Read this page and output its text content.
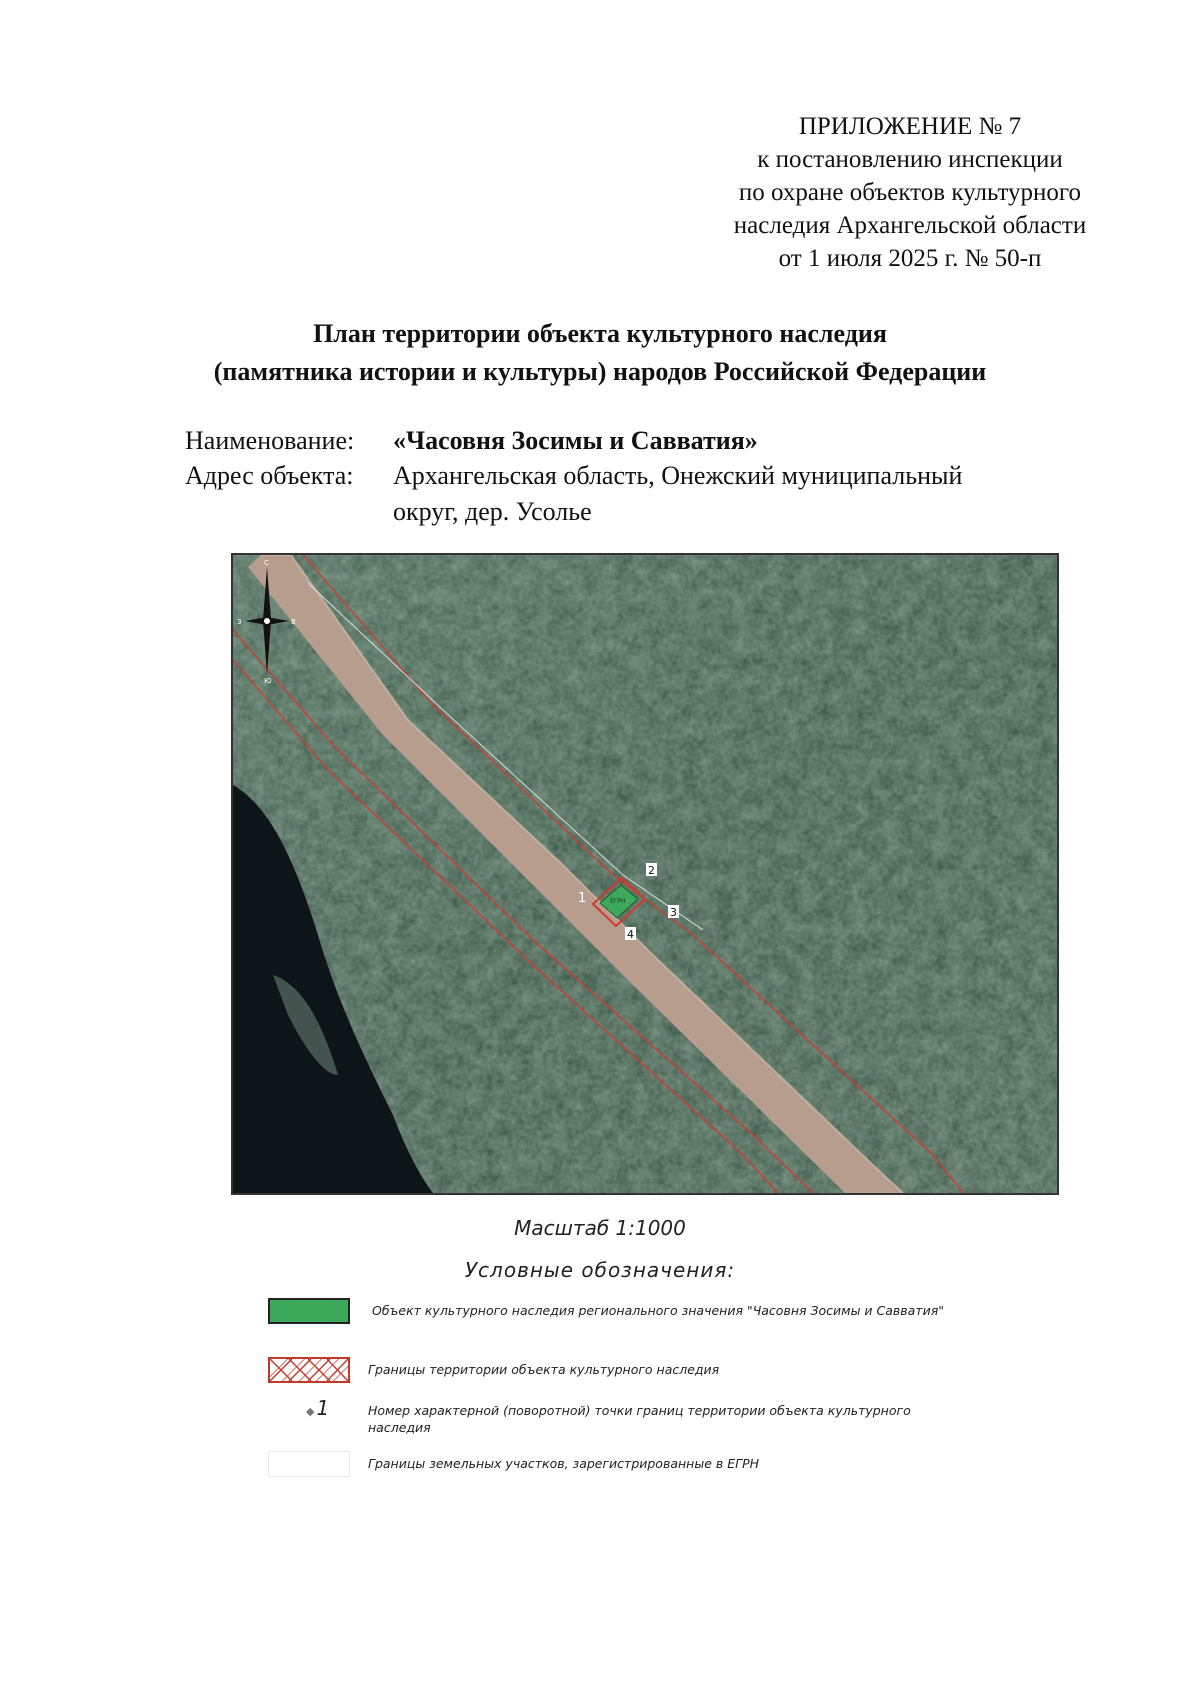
ПРИЛОЖЕНИЕ № 7
к постановлению инспекции
по охране объектов культурного
наследия Архангельской области
от 1 июля 2025 г. № 50-п
План территории объекта культурного наследия
(памятника истории и культуры) народов Российской Федерации
Наименование: «Часовня Зосимы и Савватия»
Адрес объекта: Архангельская область, Онежский муниципальный округ, дер. Усолье
ЕГРН
1
2
3
4
С
Ю
З	В
Масштаб 1:1000
Условные обозначения:
Объект культурного наследия регионального значения "Часовня Зосимы и Савватия"
Границы территории объекта культурного наследия
◆ 1	Номер характерной (поворотной) точки границ территории объекта культурного наследия
Границы земельных участков, зарегистрированные в ЕГРН
